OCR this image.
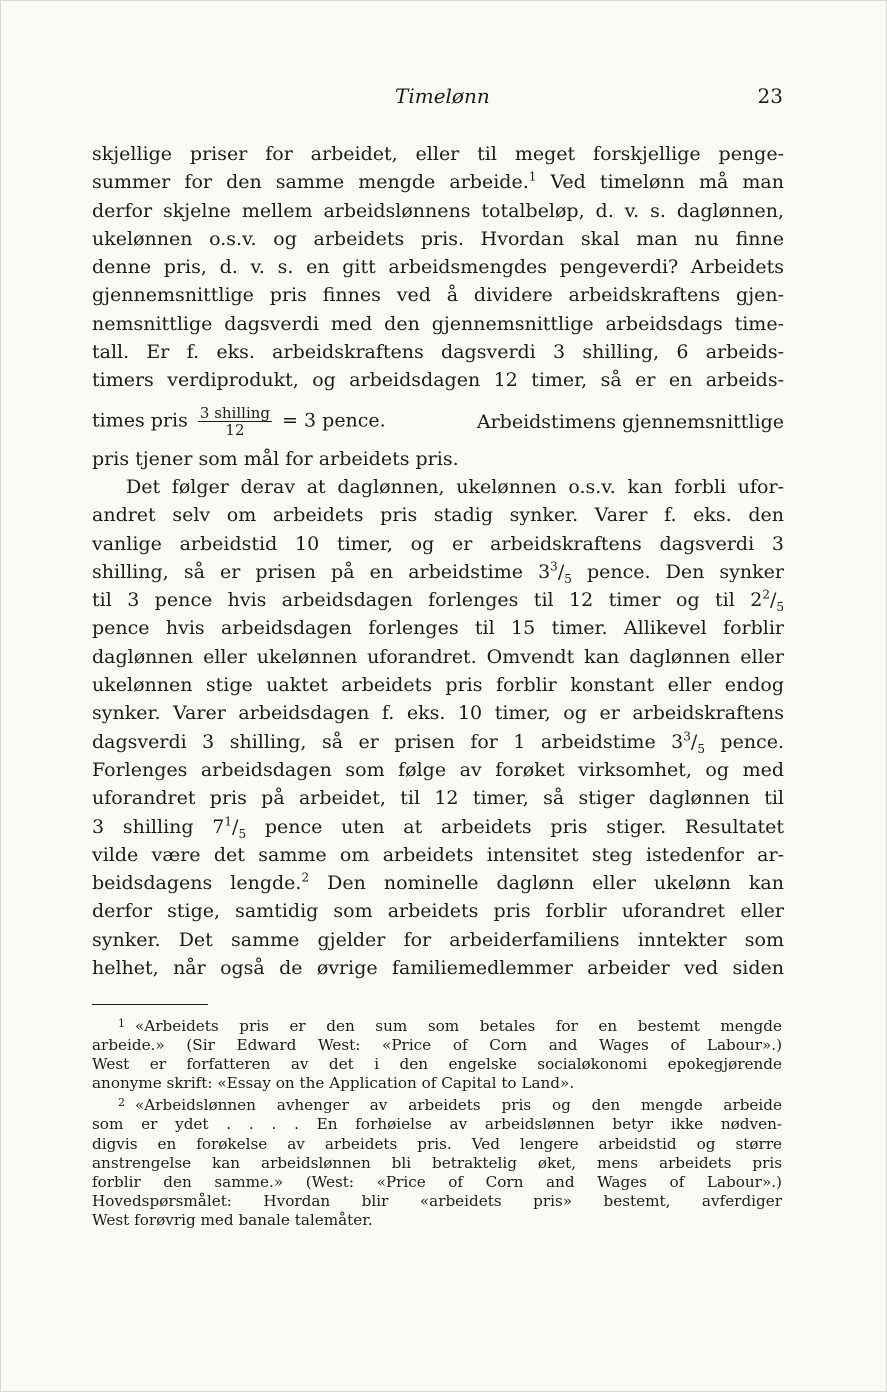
Timelønn	23

skjellige priser for arbeidet, eller til meget forskjellige penge-

summer for den samme mengde arbeide.$^1$ Ved timelønn må man

derfor skjelne mellem arbeidslønnens totalbeløp, d. v. s. daglønnen,

ukelønnen o.s.v. og arbeidets pris. Hvordan skal man nu finne

denne pris, d. v. s. en gitt arbeidsmengdes pengeverdi? Arbeidets

gjennemsnittlige pris finnes ved å dividere arbeidskraftens gjen-

nemsnittlige dagsverdi med den gjennemsnittlige arbeidsdags time-

tall. Er f. eks. arbeidskraftens dagsverdi 3 shilling, 6 arbeids-

timers verdiprodukt, og arbeidsdagen 12 timer, så er en arbeids-

times pris $\frac{\text{3 shilling}}{12} = 3$ pence.	Arbeidstimens gjennemsnittlige

pris tjener som mål for arbeidets pris.

Det følger derav at daglønnen, ukelønnen o.s.v. kan forbli ufor-

andret selv om arbeidets pris stadig synker. Varer f. eks. den

vanlige arbeidstid 10 timer, og er arbeidskraftens dagsverdi 3

shilling, så er prisen på en arbeidstime $3^3/_5$ pence. Den synker

til 3 pence hvis arbeidsdagen forlenges til 12 timer og til $2^2/_5$

pence hvis arbeidsdagen forlenges til 15 timer. Allikevel forblir

daglønnen eller ukelønnen uforandret. Omvendt kan daglønnen eller

ukelønnen stige uaktet arbeidets pris forblir konstant eller endog

synker. Varer arbeidsdagen f. eks. 10 timer, og er arbeidskraftens

dagsverdi 3 shilling, så er prisen for 1 arbeidstime $3^3/_5$ pence.

Forlenges arbeidsdagen som følge av forøket virksomhet, og med

uforandret pris på arbeidet, til 12 timer, så stiger daglønnen til

3 shilling $7^1/_5$ pence uten at arbeidets pris stiger. Resultatet

vilde være det samme om arbeidets intensitet steg istedenfor ar-

beidsdagens lengde.$^2$ Den nominelle daglønn eller ukelønn kan

derfor stige, samtidig som arbeidets pris forblir uforandret eller

synker. Det samme gjelder for arbeiderfamiliens inntekter som

helhet, når også de øvrige familiemedlemmer arbeider ved siden

$^1$ «Arbeidets pris er den sum som betales for en bestemt mengde

arbeide.» (Sir Edward West: «Price of Corn and Wages of Labour».)

West er forfatteren av det i den engelske socialøkonomi epokegjørende

anonyme skrift: «Essay on the Application of Capital to Land».

$^2$ «Arbeidslønnen avhenger av arbeidets pris og den mengde arbeide

som er ydet . . . . En forhøielse av arbeidslønnen betyr ikke nødven-

digvis en forøkelse av arbeidets pris. Ved lengere arbeidstid og større

anstrengelse kan arbeidslønnen bli betraktelig øket, mens arbeidets pris

forblir den samme.» (West: «Price of Corn and Wages of Labour».)

Hovedspørsmålet: Hvordan blir «arbeidets pris» bestemt, avferdiger

West forøvrig med banale talemåter.
